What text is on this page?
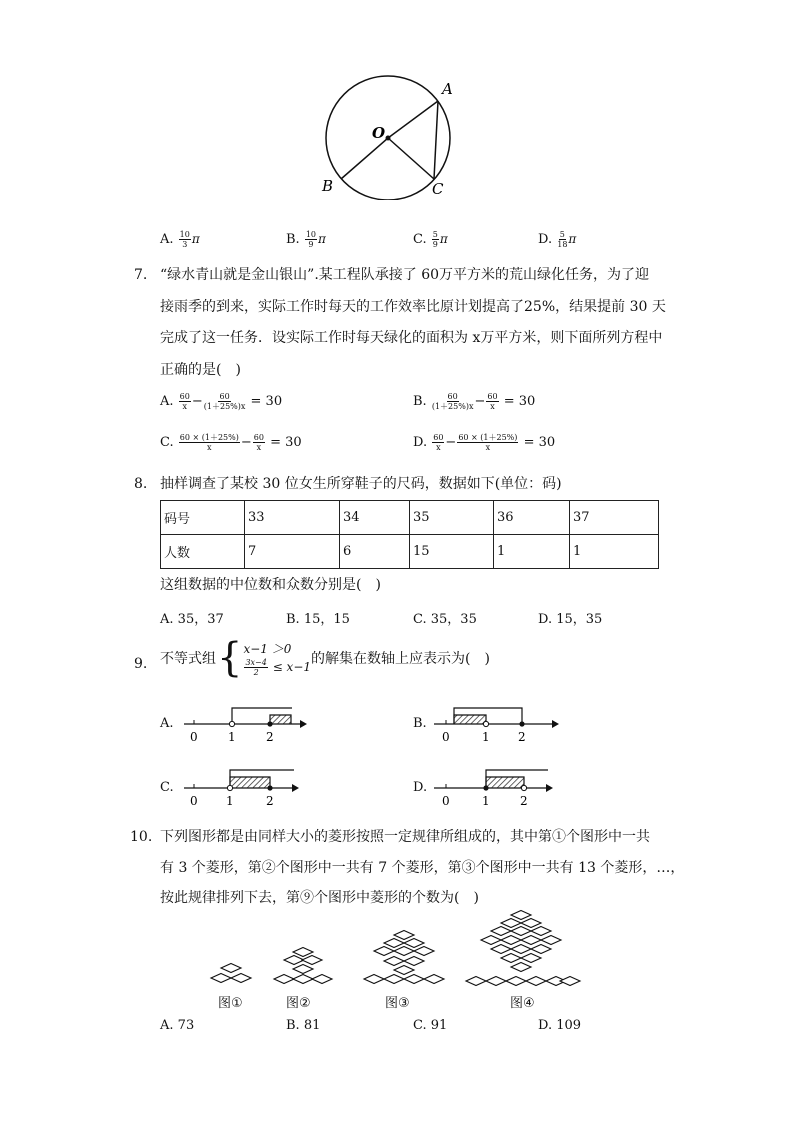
O
A
B	C
A. $\frac{10}{3}$ π	B. $\frac{10}{9}$ π	C. $\frac{5}{9}$ π	D. $\frac{5}{18}$ π
7. “绿水青山就是金山银山”.某工程队承接了 60万平方米的荒山绿化任务，为了迎
接雨季的到来，实际工作时每天的工作效率比原计划提高了25%，结果提前 30 天
完成了这一任务．设实际工作时每天绿化的面积为 x万平方米，则下面所列方程中
正确的是(　)
A. $\frac{60}{x} - \frac{60}{(1+25\%)x} = 30$	B. $\frac{60}{(1+25\%)x} - \frac{60}{x} = 30$
C. $\frac{60 \times (1+25\%)}{x} - \frac{60}{x} = 30$	D. $\frac{60}{x} - \frac{60 \times (1+25\%)}{x} = 30$
8. 抽样调查了某校 30 位女生所穿鞋子的尺码，数据如下(单位：码)
码号	33	34	35	36	37
人数	7	6	15	1	1
这组数据的中位数和众数分别是(　)
A. 35，37	B. 15，15	C. 35，35	D. 15，35
9. 不等式组 { x−1 ＞0
$\frac{3x-4}{2} \le x-1$ 的解集在数轴上应表示为(　)
A.
0	1	2
B.
0	1 2
C.
0 1	2
D.
0	1	2
10. 下列图形都是由同样大小的菱形按照一定规律所组成的，其中第①个图形中一共
有 3 个菱形，第②个图形中一共有 7 个菱形，第③个图形中一共有 13 个菱形，…，
按此规律排列下去，第⑨个图形中菱形的个数为(　)
图①	图②	图③	图④
A. 73	B. 81	C. 91	D. 109
